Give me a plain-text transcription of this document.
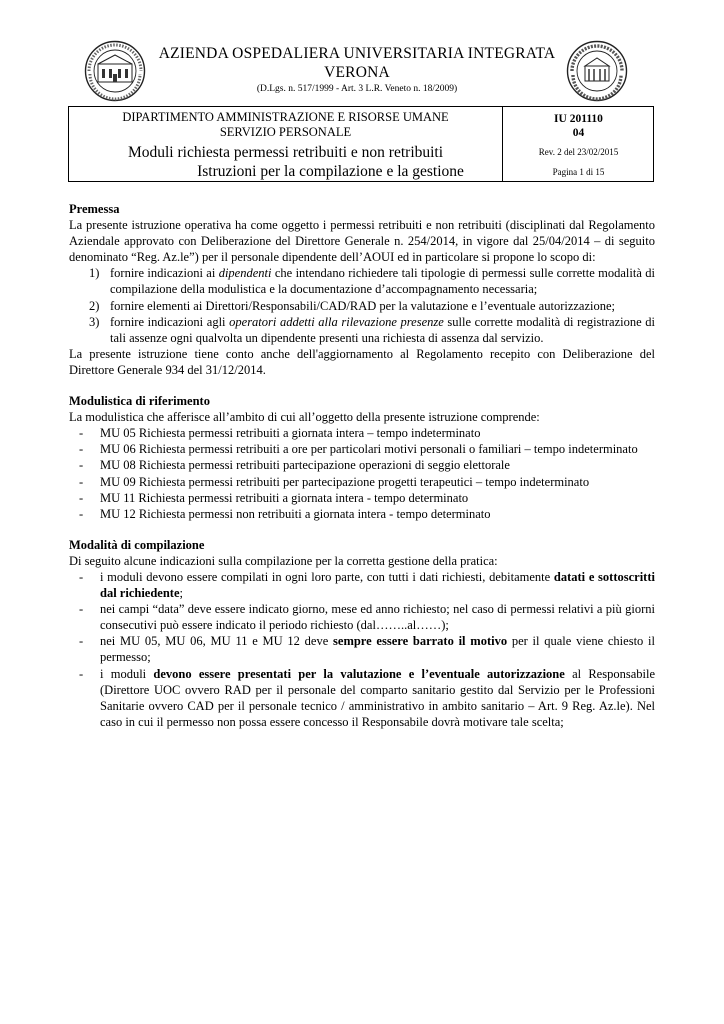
AZIENDA OSPEDALIERA UNIVERSITARIA INTEGRATA VERONA
(D.Lgs. n. 517/1999 - Art. 3 L.R. Veneto n. 18/2009)
DIPARTIMENTO AMMINISTRAZIONE E RISORSE UMANE
SERVIZIO PERSONALE
Moduli richiesta permessi retribuiti e non retribuiti
Istruzioni per la compilazione e la gestione
IU 201110
04
Rev. 2 del 23/02/2015
Pagina 1 di 15
Premessa

La presente istruzione operativa ha come oggetto i permessi retribuiti e non retribuiti (disciplinati dal Regolamento Aziendale approvato con Deliberazione del Direttore Generale n. 254/2014, in vigore dal 25/04/2014 – di seguito denominato “Reg. Az.le”) per il personale dipendente dell’AOUI ed in particolare si propone lo scopo di:

1) fornire indicazioni ai dipendenti che intendano richiedere tali tipologie di permessi sulle corrette modalità di compilazione della modulistica e la documentazione d’accompagnamento necessaria;
2) fornire elementi ai Direttori/Responsabili/CAD/RAD per la valutazione e l’eventuale autorizzazione;
3) fornire indicazioni agli operatori addetti alla rilevazione presenze sulle corrette modalità di registrazione di tali assenze ogni qualvolta un dipendente presenti una richiesta di assenza dal servizio.

La presente istruzione tiene conto anche dell'aggiornamento al Regolamento recepito con Deliberazione del Direttore Generale 934 del 31/12/2014.

Modulistica di riferimento

La modulistica che afferisce all’ambito di cui all’oggetto della presente istruzione comprende:

- MU 05 Richiesta permessi retribuiti a giornata intera – tempo indeterminato
- MU 06 Richiesta permessi retribuiti a ore per particolari motivi personali o familiari – tempo indeterminato
- MU 08 Richiesta permessi retribuiti partecipazione operazioni di seggio elettorale
- MU 09 Richiesta permessi retribuiti per partecipazione progetti terapeutici – tempo indeterminato
- MU 11 Richiesta permessi retribuiti a giornata intera - tempo determinato
- MU 12 Richiesta permessi non retribuiti a giornata intera - tempo determinato
Modalità di compilazione

Di seguito alcune indicazioni sulla compilazione per la corretta gestione della pratica:

- i moduli devono essere compilati in ogni loro parte, con tutti i dati richiesti, debitamente datati e sottoscritti dal richiedente;
- nei campi “data” deve essere indicato giorno, mese ed anno richiesto; nel caso di permessi relativi a più giorni consecutivi può essere indicato il periodo richiesto (dal……..al……);
- nei MU 05, MU 06, MU 11 e MU 12 deve sempre essere barrato il motivo per il quale viene chiesto il permesso;
- i moduli devono essere presentati per la valutazione e l’eventuale autorizzazione al Responsabile (Direttore UOC ovvero RAD per il personale del comparto sanitario gestito dal Servizio per le Professioni Sanitarie ovvero CAD per il personale tecnico / amministrativo in ambito sanitario – Art. 9 Reg. Az.le). Nel caso in cui il permesso non possa essere concesso il Responsabile dovrà motivare tale scelta;
